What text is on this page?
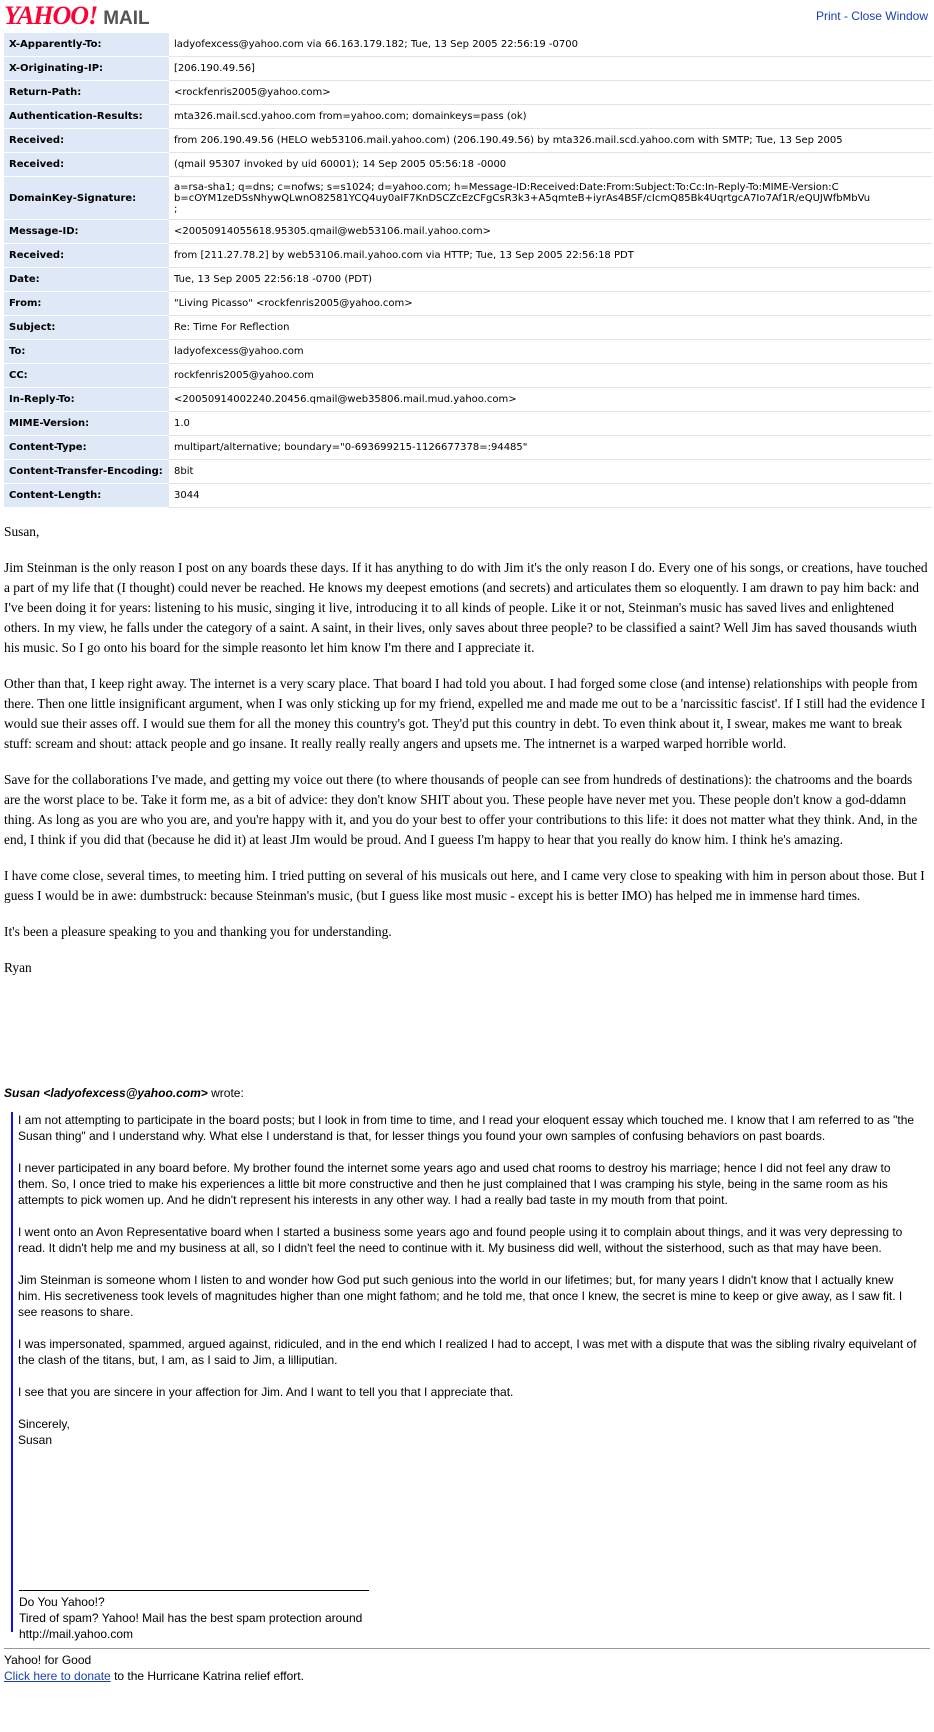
YAHOO! MAIL	Print - Close Window
X-Apparently-To:	ladyofexcess@yahoo.com via 66.163.179.182; Tue, 13 Sep 2005 22:56:19 -0700
X-Originating-IP:	[206.190.49.56]
Return-Path:	<rockfenris2005@yahoo.com>
Authentication-Results:	mta326.mail.scd.yahoo.com from=yahoo.com; domainkeys=pass (ok)
Received:	from 206.190.49.56 (HELO web53106.mail.yahoo.com) (206.190.49.56) by mta326.mail.scd.yahoo.com with SMTP; Tue, 13 Sep 2005
Received:	(qmail 95307 invoked by uid 60001); 14 Sep 2005 05:56:18 -0000
DomainKey-Signature:	a=rsa-sha1; q=dns; c=nofws; s=s1024; d=yahoo.com; h=Message-ID:Received:Date:From:Subject:To:Cc:In-Reply-To:MIME-Version:C
b=cOYM1zeDSsNhywQLwnO82581YCQ4uy0aIF7KnDSCZcEzCFgCsR3k3+A5qmteB+iyrAs4BSF/cIcmQ85Bk4UqrtgcA7Io7Af1R/eQUJWfbMbVu
;

Message-ID:	<20050914055618.95305.qmail@web53106.mail.yahoo.com>
Received:	from [211.27.78.2] by web53106.mail.yahoo.com via HTTP; Tue, 13 Sep 2005 22:56:18 PDT
Date:	Tue, 13 Sep 2005 22:56:18 -0700 (PDT)
From:	"Living Picasso" <rockfenris2005@yahoo.com>
Subject:	Re: Time For Reflection
To:	ladyofexcess@yahoo.com
CC:	rockfenris2005@yahoo.com
In-Reply-To:	<20050914002240.20456.qmail@web35806.mail.mud.yahoo.com>
MIME-Version:	1.0
Content-Type:	multipart/alternative; boundary="0-693699215-1126677378=:94485"
Content-Transfer-Encoding:	8bit
Content-Length:	3044

Susan,

Jim Steinman is the only reason I post on any boards these days. If it has anything to do with Jim it's the only reason I do. Every one of his songs, or creations, have touched a part of my life that (I thought) could never be reached. He knows my deepest emotions (and secrets) and articulates them so eloquently. I am drawn to pay him back: and I've been doing it for years: listening to his music, singing it live, introducing it to all kinds of people. Like it or not, Steinman's music has saved lives and enlightened others. In my view, he falls under the category of a saint. A saint, in their lives, only saves about three people? to be classified a saint? Well Jim has saved thousands wiuth his music. So I go onto his board for the simple reasonto let him know I'm there and I appreciate it.

Other than that, I keep right away. The internet is a very scary place. That board I had told you about. I had forged some close (and intense) relationships with people from there. Then one little insignificant argument, when I was only sticking up for my friend, expelled me and made me out to be a 'narcissitic fascist'. If I still had the evidence I would sue their asses off. I would sue them for all the money this country's got. They'd put this country in debt. To even think about it, I swear, makes me want to break stuff: scream and shout: attack people and go insane. It really really really angers and upsets me. The intnernet is a warped warped horrible world.

Save for the collaborations I've made, and getting my voice out there (to where thousands of people can see from hundreds of destinations): the chatrooms and the boards are the worst place to be. Take it form me, as a bit of advice: they don't know SHIT about you. These people have never met you. These people don't know a god-ddamn thing. As long as you are who you are, and you're happy with it, and you do your best to offer your contributions to this life: it does not matter what they think. And, in the end, I think if you did that (because he did it) at least JIm would be proud. And I gueess I'm happy to hear that you really do know him. I think he's amazing.

I have come close, several times, to meeting him. I tried putting on several of his musicals out here, and I came very close to speaking with him in person about those. But I guess I would be in awe: dumbstruck: because Steinman's music, (but I guess like most music - except his is better IMO) has helped me in immense hard times.

It's been a pleasure speaking to you and thanking you for understanding.

Ryan

Susan <ladyofexcess@yahoo.com> wrote:

I am not attempting to participate in the board posts; but I look in from time to time, and I read your eloquent essay which touched me. I know that I am referred to as "the Susan thing" and I understand why. What else I understand is that, for lesser things you found your own samples of confusing behaviors on past boards.

I never participated in any board before. My brother found the internet some years ago and used chat rooms to destroy his marriage; hence I did not feel any draw to them. So, I once tried to make his experiences a little bit more constructive and then he just complained that I was cramping his style, being in the same room as his attempts to pick women up. And he didn't represent his interests in any other way. I had a really bad taste in my mouth from that point.

I went onto an Avon Representative board when I started a business some years ago and found people using it to complain about things, and it was very depressing to read. It didn't help me and my business at all, so I didn't feel the need to continue with it. My business did well, without the sisterhood, such as that may have been.

Jim Steinman is someone whom I listen to and wonder how God put such genious into the world in our lifetimes; but, for many years I didn't know that I actually knew him. His secretiveness took levels of magnitudes higher than one might fathom; and he told me, that once I knew, the secret is mine to keep or give away, as I saw fit. I see reasons to share.

I was impersonated, spammed, argued against, ridiculed, and in the end which I realized I had to accept, I was met with a dispute that was the sibling rivalry equivelant of the clash of the titans, but, I am, as I said to Jim, a lilliputian.

I see that you are sincere in your affection for Jim. And I want to tell you that I appreciate that.

Sincerely,
Susan
Do You Yahoo!?
Tired of spam? Yahoo! Mail has the best spam protection around
http://mail.yahoo.com
Yahoo! for Good
Click here to donate to the Hurricane Katrina relief effort.
